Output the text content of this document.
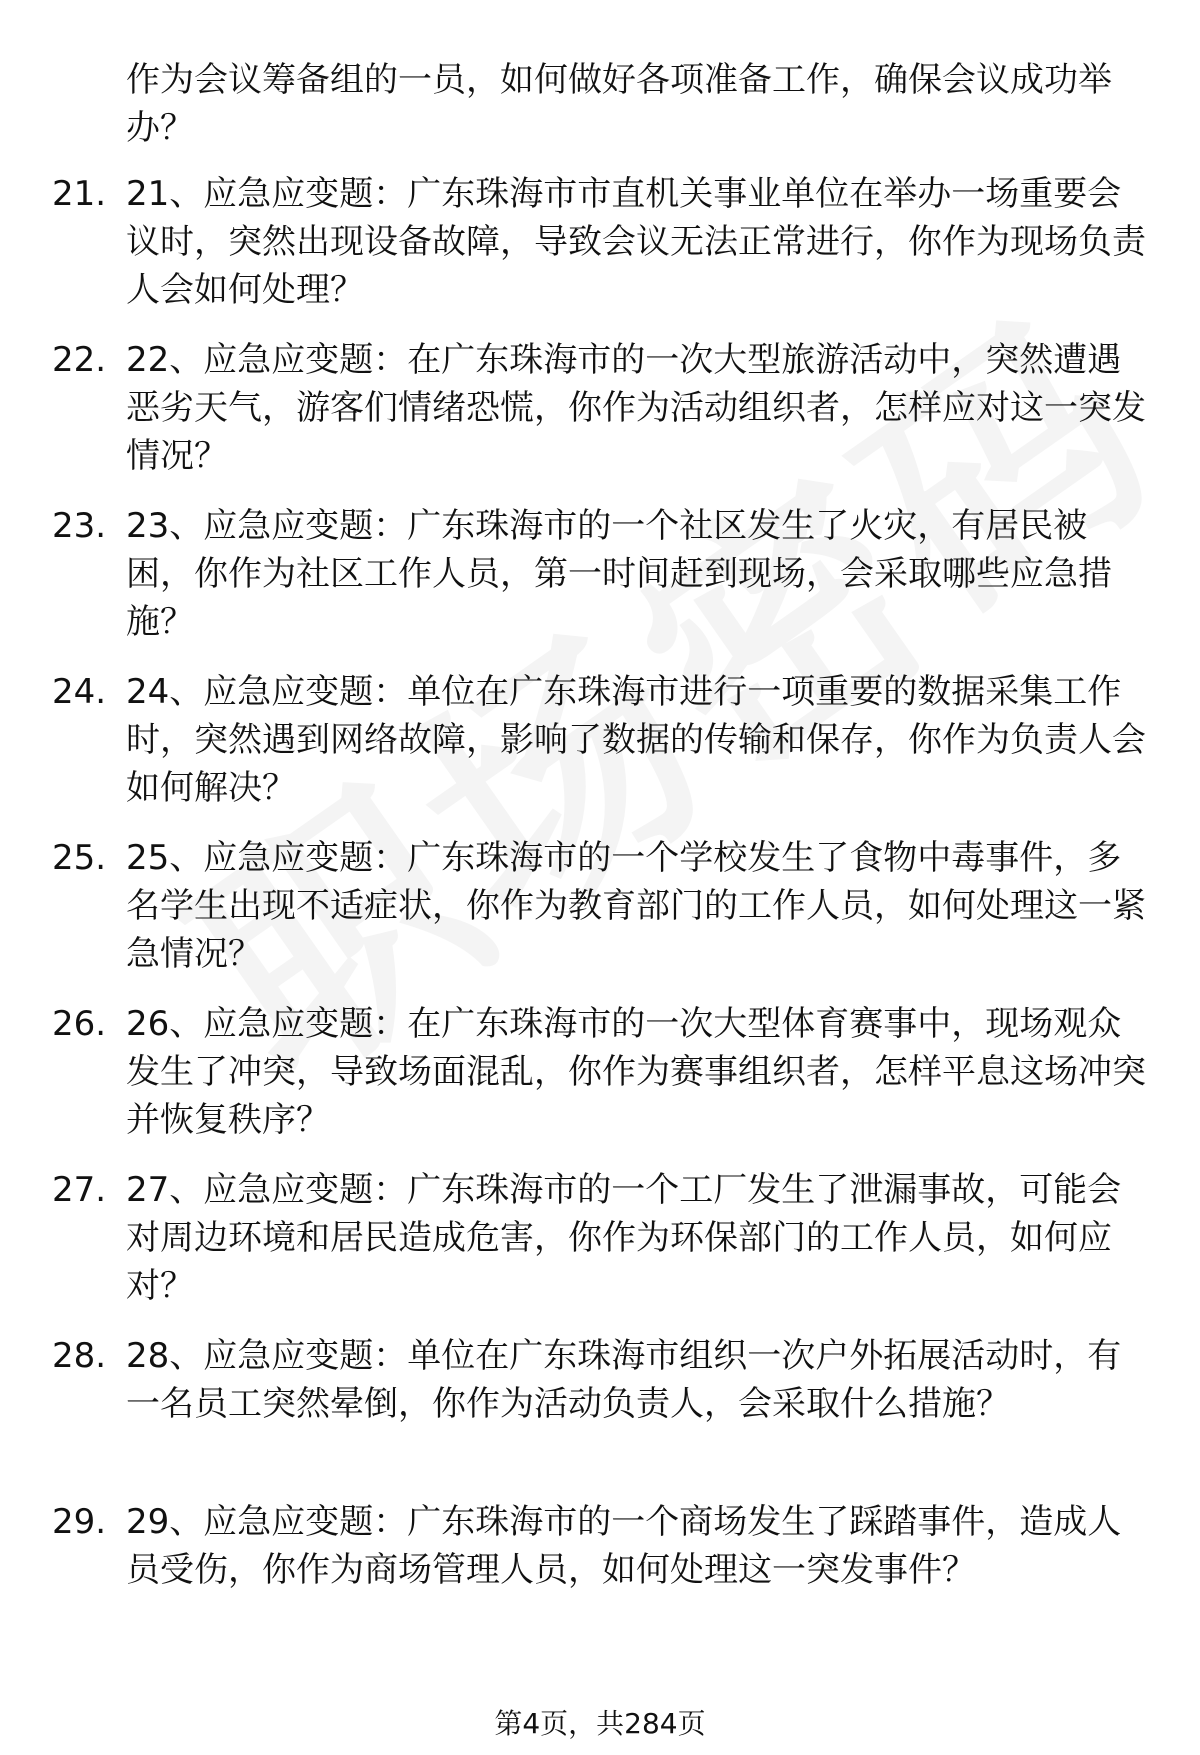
作为会议筹备组的一员，如何做好各项准备工作，确保会议成功举办？
21. 21、应急应变题：广东珠海市市直机关事业单位在举办一场重要会议时，突然出现设备故障，导致会议无法正常进行，你作为现场负责人会如何处理？
22. 22、应急应变题：在广东珠海市的一次大型旅游活动中，突然遭遇恶劣天气，游客们情绪恐慌，你作为活动组织者，怎样应对这一突发情况？
23. 23、应急应变题：广东珠海市的一个社区发生了火灾，有居民被困，你作为社区工作人员，第一时间赶到现场，会采取哪些应急措施？
24. 24、应急应变题：单位在广东珠海市进行一项重要的数据采集工作时，突然遇到网络故障，影响了数据的传输和保存，你作为负责人会如何解决？
25. 25、应急应变题：广东珠海市的一个学校发生了食物中毒事件，多名学生出现不适症状，你作为教育部门的工作人员，如何处理这一紧急情况？
26. 26、应急应变题：在广东珠海市的一次大型体育赛事中，现场观众发生了冲突，导致场面混乱，你作为赛事组织者，怎样平息这场冲突并恢复秩序？
27. 27、应急应变题：广东珠海市的一个工厂发生了泄漏事故，可能会对周边环境和居民造成危害，你作为环保部门的工作人员，如何应对？
28. 28、应急应变题：单位在广东珠海市组织一次户外拓展活动时，有一名员工突然晕倒，你作为活动负责人，会采取什么措施？
29. 29、应急应变题：广东珠海市的一个商场发生了踩踏事件，造成人员受伤，你作为商场管理人员，如何处理这一突发事件？
第4页，共284页
